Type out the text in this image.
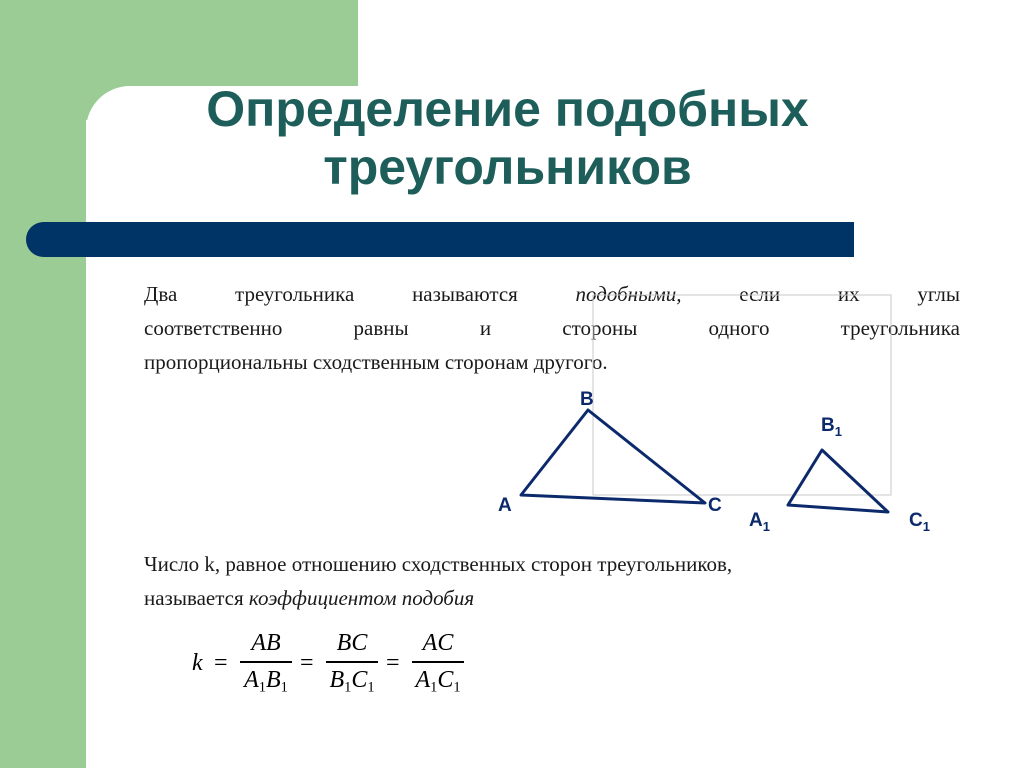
Определение подобных
треугольников
Два	треугольника	называются	подобными,	если	их	углы
соответственно	равны	и	стороны	одного	треугольника
пропорциональны сходственным сторонам другого.
B
A	C
$B_1$
$A_1$	$C_1$
Число k, равное отношению сходственных сторон треугольников,
называется коэффициентом подобия
k =
AB
$A_1B_1$
=
BC
$B_1C_1$
=
AC
$A_1C_1$
